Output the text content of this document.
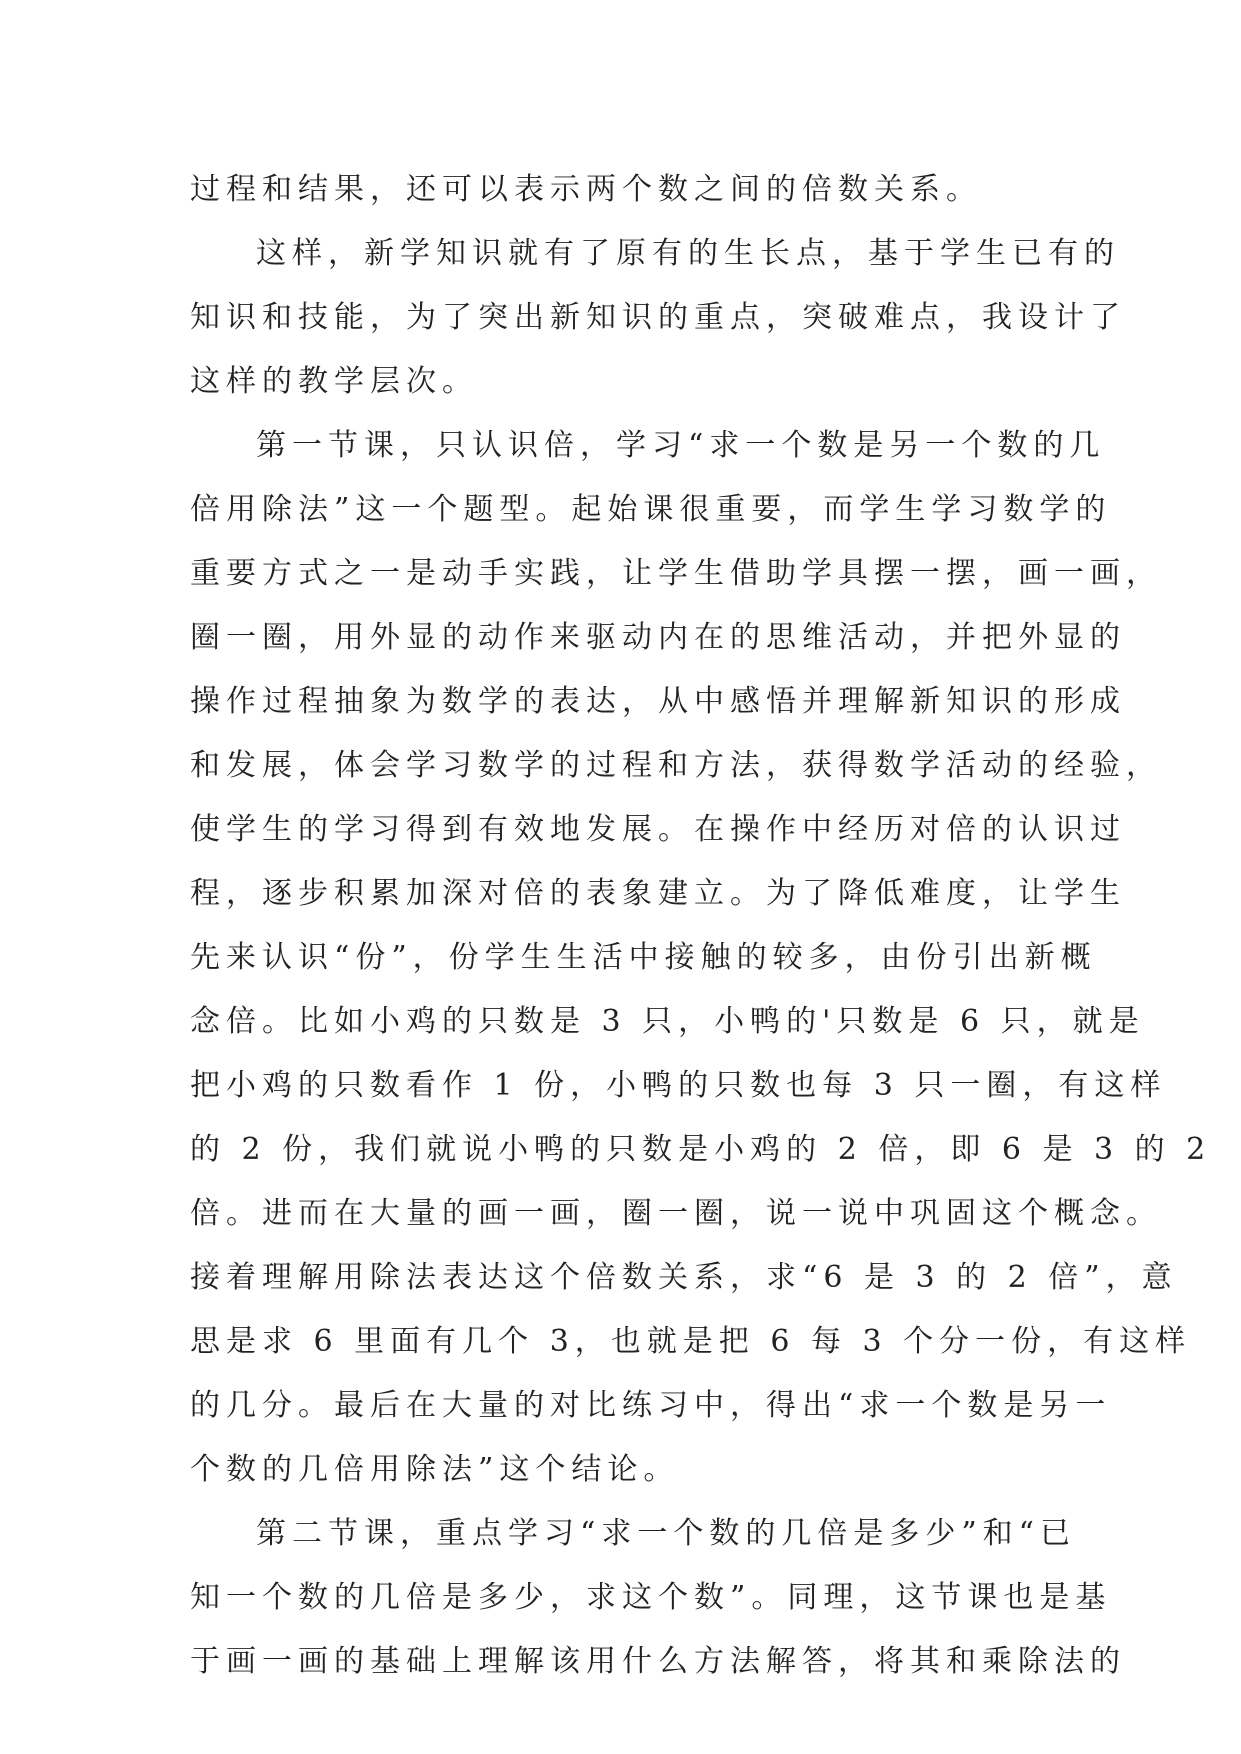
过程和结果，还可以表示两个数之间的倍数关系。
这样，新学知识就有了原有的生长点，基于学生已有的
知识和技能，为了突出新知识的重点，突破难点，我设计了
这样的教学层次。
第一节课，只认识倍，学习“求一个数是另一个数的几
倍用除法”这一个题型。起始课很重要，而学生学习数学的
重要方式之一是动手实践，让学生借助学具摆一摆，画一画，
圈一圈，用外显的动作来驱动内在的思维活动，并把外显的
操作过程抽象为数学的表达，从中感悟并理解新知识的形成
和发展，体会学习数学的过程和方法，获得数学活动的经验，
使学生的学习得到有效地发展。在操作中经历对倍的认识过
程，逐步积累加深对倍的表象建立。为了降低难度，让学生
先来认识“份”，份学生生活中接触的较多，由份引出新概
念倍。比如小鸡的只数是 3 只，小鸭的'只数是 6 只，就是
把小鸡的只数看作 1 份，小鸭的只数也每 3 只一圈，有这样
的 2 份，我们就说小鸭的只数是小鸡的 2 倍，即 6 是 3 的 2
倍。进而在大量的画一画，圈一圈，说一说中巩固这个概念。
接着理解用除法表达这个倍数关系，求“6 是 3 的 2 倍”，意
思是求 6 里面有几个 3，也就是把 6 每 3 个分一份，有这样
的几分。最后在大量的对比练习中，得出“求一个数是另一
个数的几倍用除法”这个结论。
第二节课，重点学习“求一个数的几倍是多少”和“已
知一个数的几倍是多少，求这个数”。同理，这节课也是基
于画一画的基础上理解该用什么方法解答，将其和乘除法的
